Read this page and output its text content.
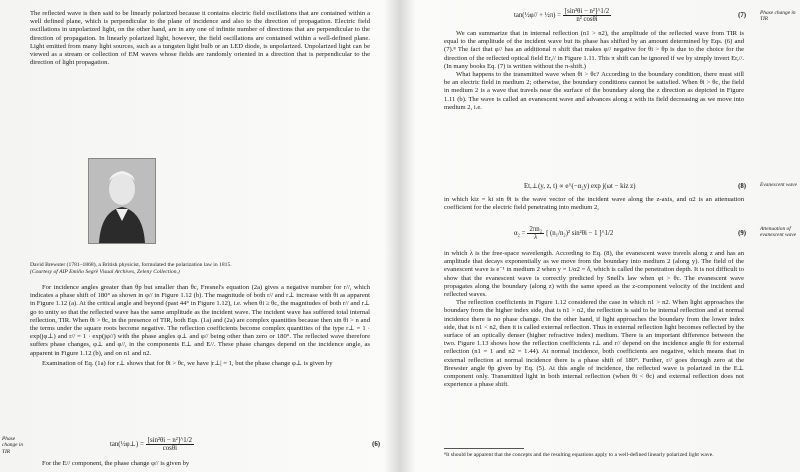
The reflected wave is then said to be linearly polarized because it contains electric field oscillations that are contained within a well defined plane, which is perpendicular to the plane of incidence and also to the direction of propagation. Electric field oscillations in unpolarized light, on the other hand, are in any one of infinite number of directions that are perpendicular to the direction of propagation. In linearly polarized light, however, the field oscillations are contained within a well-defined plane. Light emitted from many light sources, such as a tungsten light bulb or an LED diode, is unpolarized. Unpolarized light can be viewed as a stream or collection of EM waves whose fields are randomly oriented in a direction that is perpendicular to the direction of light propagation.

David Brewster (1781–1868), a British physicist, formulated the polarization law in 1815.
(Courtesy of AIP Emilio Segrè Visual Archives, Zeleny Collection.)

For incidence angles greater than θp but smaller than θc, Fresnel's equation (2a) gives a negative number for r//, which indicates a phase shift of 180° as shown in φ// in Figure 1.12 (b). The magnitude of both r// and r⊥ increase with θi as apparent in Figure 1.12 (a). At the critical angle and beyond (past 44° in Figure 1.12), i.e. when θi ≥ θc, the magnitudes of both r// and r⊥ go to unity so that the reflected wave has the same amplitude as the incident wave. The incident wave has suffered total internal reflection, TIR. When θi > θc, in the presence of TIR, both Eqs. (1a) and (2a) are complex quantities because then sin θi > n and the terms under the square roots become negative. The reflection coefficients become complex quantities of the type r⊥ = 1 · exp(jφ⊥) and r// = 1 · exp(jφ//) with the phase angles φ⊥ and φ// being other than zero or 180°. The reflected wave therefore suffers phase changes, φ⊥ and φ//, in the components E⊥ and E//. These phase changes depend on the incidence angle, as apparent in Figure 1.12 (b), and on n1 and n2.

Examination of Eq. (1a) for r⊥ shows that for θi > θc, we have |r⊥| = 1, but the phase change φ⊥ is given by

Phase change in TIR
tan(½φ⊥) = $\frac{\text{[sin²θi − n²]\textasciicircum{}1/2}}{\cos\theta i}$	(6)

For the E// component, the phase change φ// is given by

tan(½φ// + ½π) = $\frac{\text{[sin²θi − n²]\textasciicircum{}1/2}}{\text{n² cosθi}}$	(7)	Phase change in TIR

We can summarize that in internal reflection (n1 > n2), the amplitude of the reflected wave from TIR is equal to the amplitude of the incident wave but its phase has shifted by an amount determined by Eqs. (6) and (7).⁸ The fact that φ// has an additional π shift that makes φ// negative for θi > θp is due to the choice for the direction of the reflected optical field Er,// in Figure 1.11. This π shift can be ignored if we by simply invert Er,//. (In many books Eq. (7) is written without the π-shift.)

What happens to the transmitted wave when θi > θc? According to the boundary condition, there must still be an electric field in medium 2; otherwise, the boundary conditions cannot be satisfied. When θi > θc, the field in medium 2 is a wave that travels near the surface of the boundary along the z direction as depicted in Figure 1.11 (b). The wave is called an evanescent wave and advances along z with its field decreasing as we move into medium 2, i.e.

Et,⊥(y, z, t) ∝ e^(−α₂y) exp j(ωt − kiz z)	(8)	Evanescent wave

in which kiz = ki sin θi is the wave vector of the incident wave along the z-axis, and α2 is an attenuation coefficient for the electric field penetrating into medium 2,

$\alpha_2 = \frac{\text{2πn₂}}{\lambda}$ [ (n₁/n₂)² sin²θi − 1 ]^1/2	(9)
Attenuation of evanescent wave

in which λ is the free-space wavelength. According to Eq. (8), the evanescent wave travels along z and has an amplitude that decays exponentially as we move from the boundary into medium 2 (along y). The field of the evanescent wave is e⁻¹ in medium 2 when y = 1/α2 = δ, which is called the penetration depth. It is not difficult to show that the evanescent wave is correctly predicted by Snell's law when φt > θc. The evanescent wave propagates along the boundary (along z) with the same speed as the z-component velocity of the incident and reflected waves.

The reflection coefficients in Figure 1.12 considered the case in which n1 > n2. When light approaches the boundary from the higher index side, that is n1 > n2, the reflection is said to be internal reflection and at normal incidence there is no phase change. On the other hand, if light approaches the boundary from the lower index side, that is n1 < n2, then it is called external reflection. Thus in external reflection light becomes reflected by the surface of an optically denser (higher refractive index) medium. There is an important difference between the two. Figure 1.13 shows how the reflection coefficients r⊥ and r// depend on the incidence angle θi for external reflection (n1 = 1 and n2 = 1.44). At normal incidence, both coefficients are negative, which means that in external reflection at normal incidence there is a phase shift of 180°. Further, r// goes through zero at the Brewster angle θp given by Eq. (5). At this angle of incidence, the reflected wave is polarized in the E⊥ component only. Transmitted light in both internal reflection (when θi < θc) and external reflection does not experience a phase shift.

⁸It should be apparent that the concepts and the resulting equations apply to a well-defined linearly polarized light wave.
